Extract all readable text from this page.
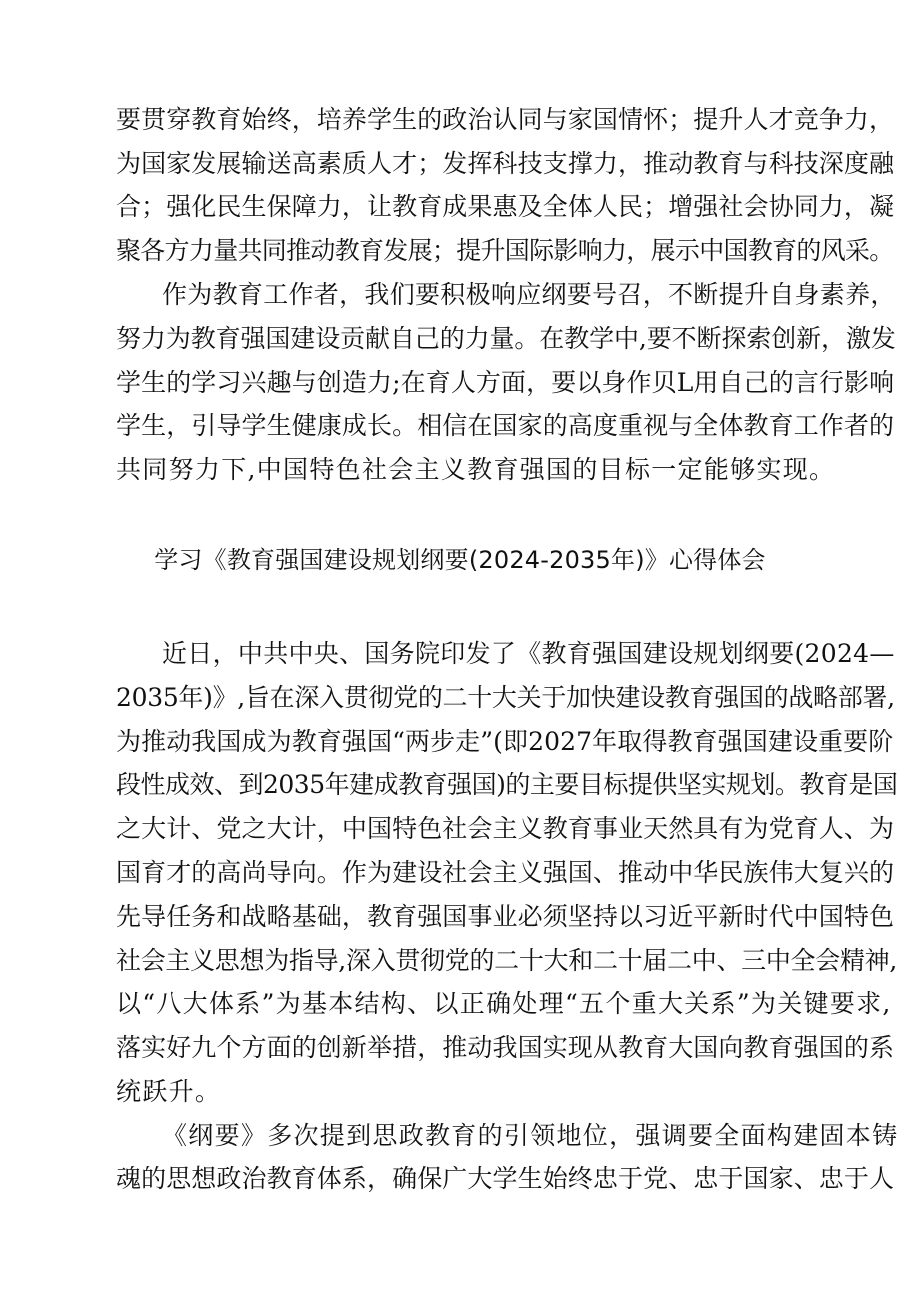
要贯穿教育始终，培养学生的政治认同与家国情怀；提升人才竞争力，
为国家发展输送高素质人才；发挥科技支撑力，推动教育与科技深度融
合；强化民生保障力，让教育成果惠及全体人民；增强社会协同力，凝
聚各方力量共同推动教育发展；提升国际影响力，展示中国教育的风采。
作为教育工作者，我们要积极响应纲要号召，不断提升自身素养，
努力为教育强国建设贡献自己的力量。在教学中,要不断探索创新，激发
学生的学习兴趣与创造力;在育人方面，要以身作贝L用自己的言行影响
学生，引导学生健康成长。相信在国家的高度重视与全体教育工作者的
共同努力下,中国特色社会主义教育强国的目标一定能够实现。
学习《教育强国建设规划纲要(2024-2035年)》心得体会
近日，中共中央、国务院印发了《教育强国建设规划纲要(2024—
2035年)》,旨在深入贯彻党的二十大关于加快建设教育强国的战略部署,
为推动我国成为教育强国“两步走”(即2027年取得教育强国建设重要阶
段性成效、到2035年建成教育强国)的主要目标提供坚实规划。教育是国
之大计、党之大计，中国特色社会主义教育事业天然具有为党育人、为
国育才的高尚导向。作为建设社会主义强国、推动中华民族伟大复兴的
先导任务和战略基础，教育强国事业必须坚持以习近平新时代中国特色
社会主义思想为指导,深入贯彻党的二十大和二十届二中、三中全会精神,
以“八大体系”为基本结构、以正确处理“五个重大关系”为关键要求,
落实好九个方面的创新举措，推动我国实现从教育大国向教育强国的系
统跃升。
《纲要》多次提到思政教育的引领地位，强调要全面构建固本铸
魂的思想政治教育体系，确保广大学生始终忠于党、忠于国家、忠于人
